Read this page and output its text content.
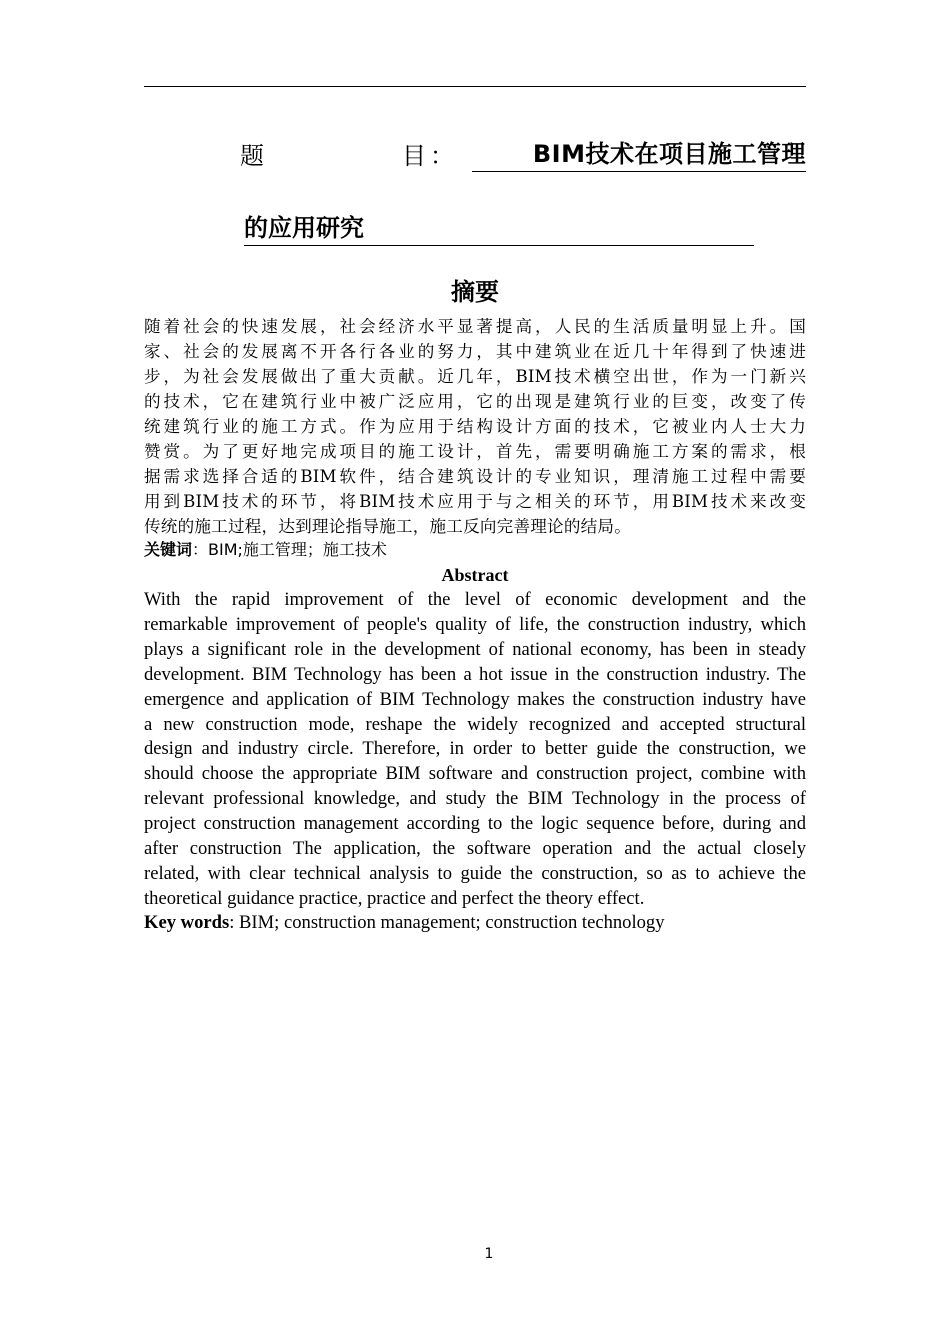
题	目 ：	BIM技术在项目施工管理
的应用研究
摘要
随着社会的快速发展，社会经济水平显著提高，人民的生活质量明显上升。国
家、社会的发展离不开各行各业的努力，其中建筑业在近几十年得到了快速进
步，为社会发展做出了重大贡献。近几年，BIM技术横空出世，作为一门新兴
的技术，它在建筑行业中被广泛应用，它的出现是建筑行业的巨变，改变了传
统建筑行业的施工方式。作为应用于结构设计方面的技术，它被业内人士大力
赞赏。为了更好地完成项目的施工设计，首先，需要明确施工方案的需求，根
据需求选择合适的BIM软件，结合建筑设计的专业知识，理清施工过程中需要
用到BIM技术的环节，将BIM技术应用于与之相关的环节，用BIM技术来改变
传统的施工过程，达到理论指导施工，施工反向完善理论的结局。
关键词：BIM;施工管理；施工技术
Abstract
With the rapid improvement of the level of economic development and the
remarkable improvement of people's quality of life, the construction industry, which
plays a significant role in the development of national economy, has been in steady
development. BIM Technology has been a hot issue in the construction industry. The
emergence and application of BIM Technology makes the construction industry have
a new construction mode, reshape the widely recognized and accepted structural
design and industry circle. Therefore, in order to better guide the construction, we
should choose the appropriate BIM software and construction project, combine with
relevant professional knowledge, and study the BIM Technology in the process of
project construction management according to the logic sequence before, during and
after construction The application, the software operation and the actual closely
related, with clear technical analysis to guide the construction, so as to achieve the
theoretical guidance practice, practice and perfect the theory effect.
Key words: BIM; construction management; construction technology
1
